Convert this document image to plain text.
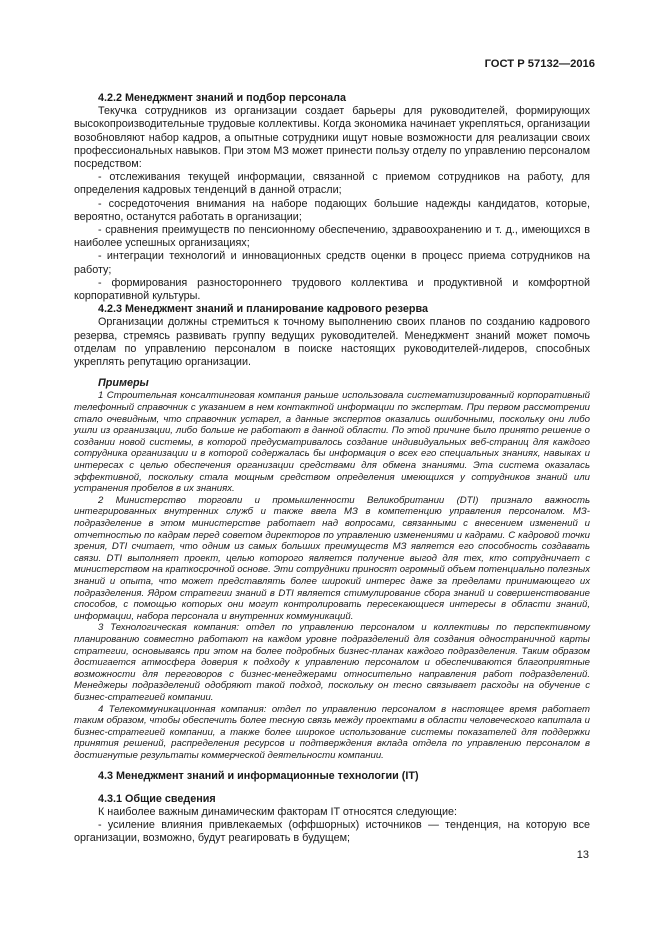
ГОСТ Р 57132—2016

4.2.2 Менеджмент знаний и подбор персонала

Текучка сотрудников из организации создает барьеры для руководителей, формирующих высокопроизводительные трудовые коллективы. Когда экономика начинает укрепляться, организации возобновляют набор кадров, а опытные сотрудники ищут новые возможности для реализации своих профессиональных навыков. При этом МЗ может принести пользу отделу по управлению персоналом посредством:

- отслеживания текущей информации, связанной с приемом сотрудников на работу, для определения кадровых тенденций в данной отрасли;

- сосредоточения внимания на наборе подающих большие надежды кандидатов, которые, вероятно, останутся работать в организации;

- сравнения преимуществ по пенсионному обеспечению, здравоохранению и т. д., имеющихся в наиболее успешных организациях;

- интеграции технологий и инновационных средств оценки в процесс приема сотрудников на работу;

- формирования разностороннего трудового коллектива и продуктивной и комфортной корпоративной культуры.

4.2.3 Менеджмент знаний и планирование кадрового резерва

Организации должны стремиться к точному выполнению своих планов по созданию кадрового резерва, стремясь развивать группу ведущих руководителей. Менеджмент знаний может помочь отделам по управлению персоналом в поиске настоящих руководителей-лидеров, способных укреплять репутацию организации.

Примеры

1 Строительная консалтинговая компания раньше использовала систематизированный корпоративный телефонный справочник с указанием в нем контактной информации по экспертам. При первом рассмотрении стало очевидным, что справочник устарел, а данные экспертов оказались ошибочными, поскольку они либо ушли из организации, либо больше не работают в данной области. По этой причине было принято решение о создании новой системы, в которой предусматривалось создание индивидуальных веб-страниц для каждого сотрудника организации и в которой содержалась бы информация о всех его специальных знаниях, навыках и интересах с целью обеспечения организации средствами для обмена знаниями. Эта система оказалась эффективной, поскольку стала мощным средством определения имеющихся у сотрудников знаний или устранения пробелов в их знаниях.

2 Министерство торговли и промышленности Великобритании (DTI) признало важность интегрированных внутренних служб и также ввела МЗ в компетенцию управления персоналом. МЗ-подразделение в этом министерстве работает над вопросами, связанными с внесением изменений и отчетностью по кадрам перед советом директоров по управлению изменениями и кадрами. С кадровой точки зрения, DTI считает, что одним из самых больших преимуществ МЗ является его способность создавать связи. DTI выполняет проект, целью которого является получение выгод для тех, кто сотрудничает с министерством на краткосрочной основе. Эти сотрудники приносят огромный объем потенциально полезных знаний и опыта, что может представлять более широкий интерес даже за пределами принимающего их подразделения. Ядром стратегии знаний в DTI является стимулирование сбора знаний и совершенствование способов, с помощью которых они могут контролировать пересекающиеся интересы в области знаний, информации, набора персонала и внутренних коммуникаций.

3 Технологическая компания: отдел по управлению персоналом и коллективы по перспективному планированию совместно работают на каждом уровне подразделений для создания одностраничной карты стратегии, основываясь при этом на более подробных бизнес-планах каждого подразделения. Таким образом достигается атмосфера доверия к подходу к управлению персоналом и обеспечиваются благоприятные возможности для переговоров с бизнес-менеджерами относительно направления работ подразделений. Менеджеры подразделений одобряют такой подход, поскольку он тесно связывает расходы на обучение с бизнес-стратегией компании.

4 Телекоммуникационная компания: отдел по управлению персоналом в настоящее время работает таким образом, чтобы обеспечить более тесную связь между проектами в области человеческого капитала и бизнес-стратегией компании, а также более широкое использование системы показателей для поддержки принятия решений, распределения ресурсов и подтверждения вклада отдела по управлению персоналом в достигнутые результаты коммерческой деятельности компании.

4.3 Менеджмент знаний и информационные технологии (IT)

4.3.1 Общие сведения

К наиболее важным динамическим факторам IT относятся следующие:

- усиление влияния привлекаемых (оффшорных) источников — тенденция, на которую все организации, возможно, будут реагировать в будущем;

13
